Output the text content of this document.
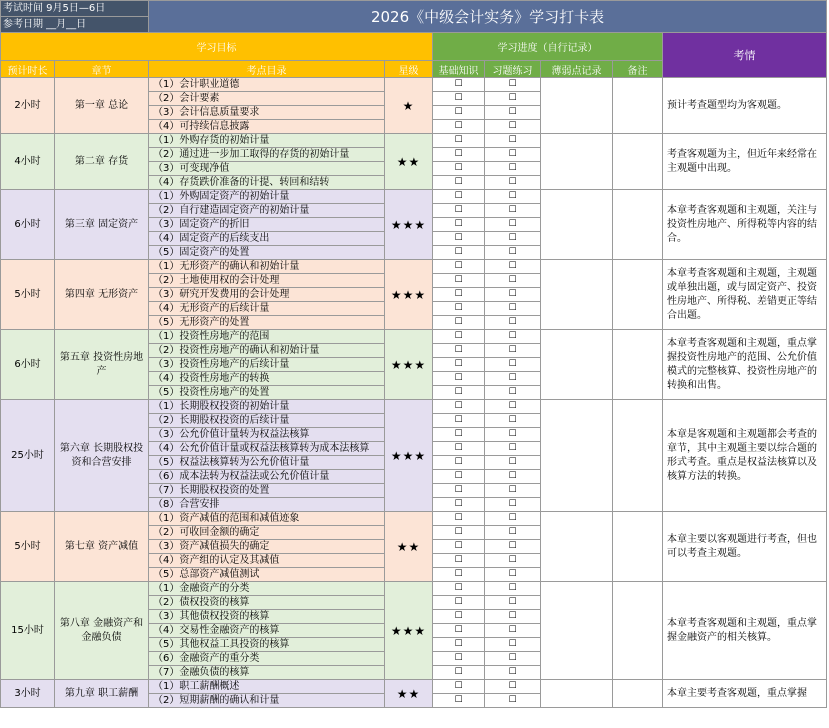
考试时间 9月5日—6日		2026《中级会计实务》学习打卡表						
参考日期 __月__日								
学习目标				学习进度（自行记录）				考情
预计时长	章节	考点目录	星级	基础知识	习题练习	薄弱点记录	备注	
2小时	第一章 总论	（1）会计职业道德	★	☐	☐			预计考查题型均为客观题。
		（2）会计要素		☐	☐			
		（3）会计信息质量要求		☐	☐			
		（4）可持续信息披露		☐	☐			
4小时	第二章 存货	（1）外购存货的初始计量	★★	☐	☐			考查客观题为主，但近年来经常在主观题中出现。
		（2）通过进一步加工取得的存货的初始计量		☐	☐			
		（3）可变现净值		☐	☐			
		（4）存货跌价准备的计提、转回和结转		☐	☐			
6小时	第三章 固定资产	（1）外购固定资产的初始计量	★★★	☐	☐			本章考查客观题和主观题，关注与投资性房地产、所得税等内容的结合。
		（2）自行建造固定资产的初始计量		☐	☐			
		（3）固定资产的折旧		☐	☐			
		（4）固定资产的后续支出		☐	☐			
		（5）固定资产的处置		☐	☐			
5小时	第四章 无形资产	（1）无形资产的确认和初始计量	★★★	☐	☐			本章考查客观题和主观题，主观题或单独出题，或与固定资产、投资性房地产、所得税、差错更正等结合出题。
		（2）土地使用权的会计处理		☐	☐			
		（3）研究开发费用的会计处理		☐	☐			
		（4）无形资产的后续计量		☐	☐			
		（5）无形资产的处置		☐	☐			
6小时	第五章 投资性房地产	（1）投资性房地产的范围	★★★	☐	☐			本章考查客观题和主观题，重点掌握投资性房地产的范围、公允价值模式的完整核算、投资性房地产的转换和出售。
		（2）投资性房地产的确认和初始计量		☐	☐			
		（3）投资性房地产的后续计量		☐	☐			
		（4）投资性房地产的转换		☐	☐			
		（5）投资性房地产的处置		☐	☐			
25小时	第六章 长期股权投资和合营安排	（1）长期股权投资的初始计量	★★★	☐	☐			本章是客观题和主观题都会考查的章节，其中主观题主要以综合题的形式考查。重点是权益法核算以及核算方法的转换。
		（2）长期股权投资的后续计量		☐	☐			
		（3）公允价值计量转为权益法核算		☐	☐			
		（4）公允价值计量或权益法核算转为成本法核算		☐	☐			
		（5）权益法核算转为公允价值计量		☐	☐			
		（6）成本法转为权益法或公允价值计量		☐	☐			
		（7）长期股权投资的处置		☐	☐			
		（8）合营安排		☐	☐			
5小时	第七章 资产减值	（1）资产减值的范围和减值迹象	★★	☐	☐			本章主要以客观题进行考查，但也可以考查主观题。
		（2）可收回金额的确定		☐	☐			
		（3）资产减值损失的确定		☐	☐			
		（4）资产组的认定及其减值		☐	☐			
		（5）总部资产减值测试		☐	☐			
15小时	第八章 金融资产和金融负债	（1）金融资产的分类	★★★	☐	☐			本章考查客观题和主观题，重点掌握金融资产的相关核算。
		（2）债权投资的核算		☐	☐			
		（3）其他债权投资的核算		☐	☐			
		（4）交易性金融资产的核算		☐	☐			
		（5）其他权益工具投资的核算		☐	☐			
		（6）金融资产的重分类		☐	☐			
		（7）金融负债的核算		☐	☐			
3小时	第九章 职工薪酬	（1）职工薪酬概述	★★	☐	☐			本章主要考查客观题，重点掌握
		（2）短期薪酬的确认和计量		☐	☐			
